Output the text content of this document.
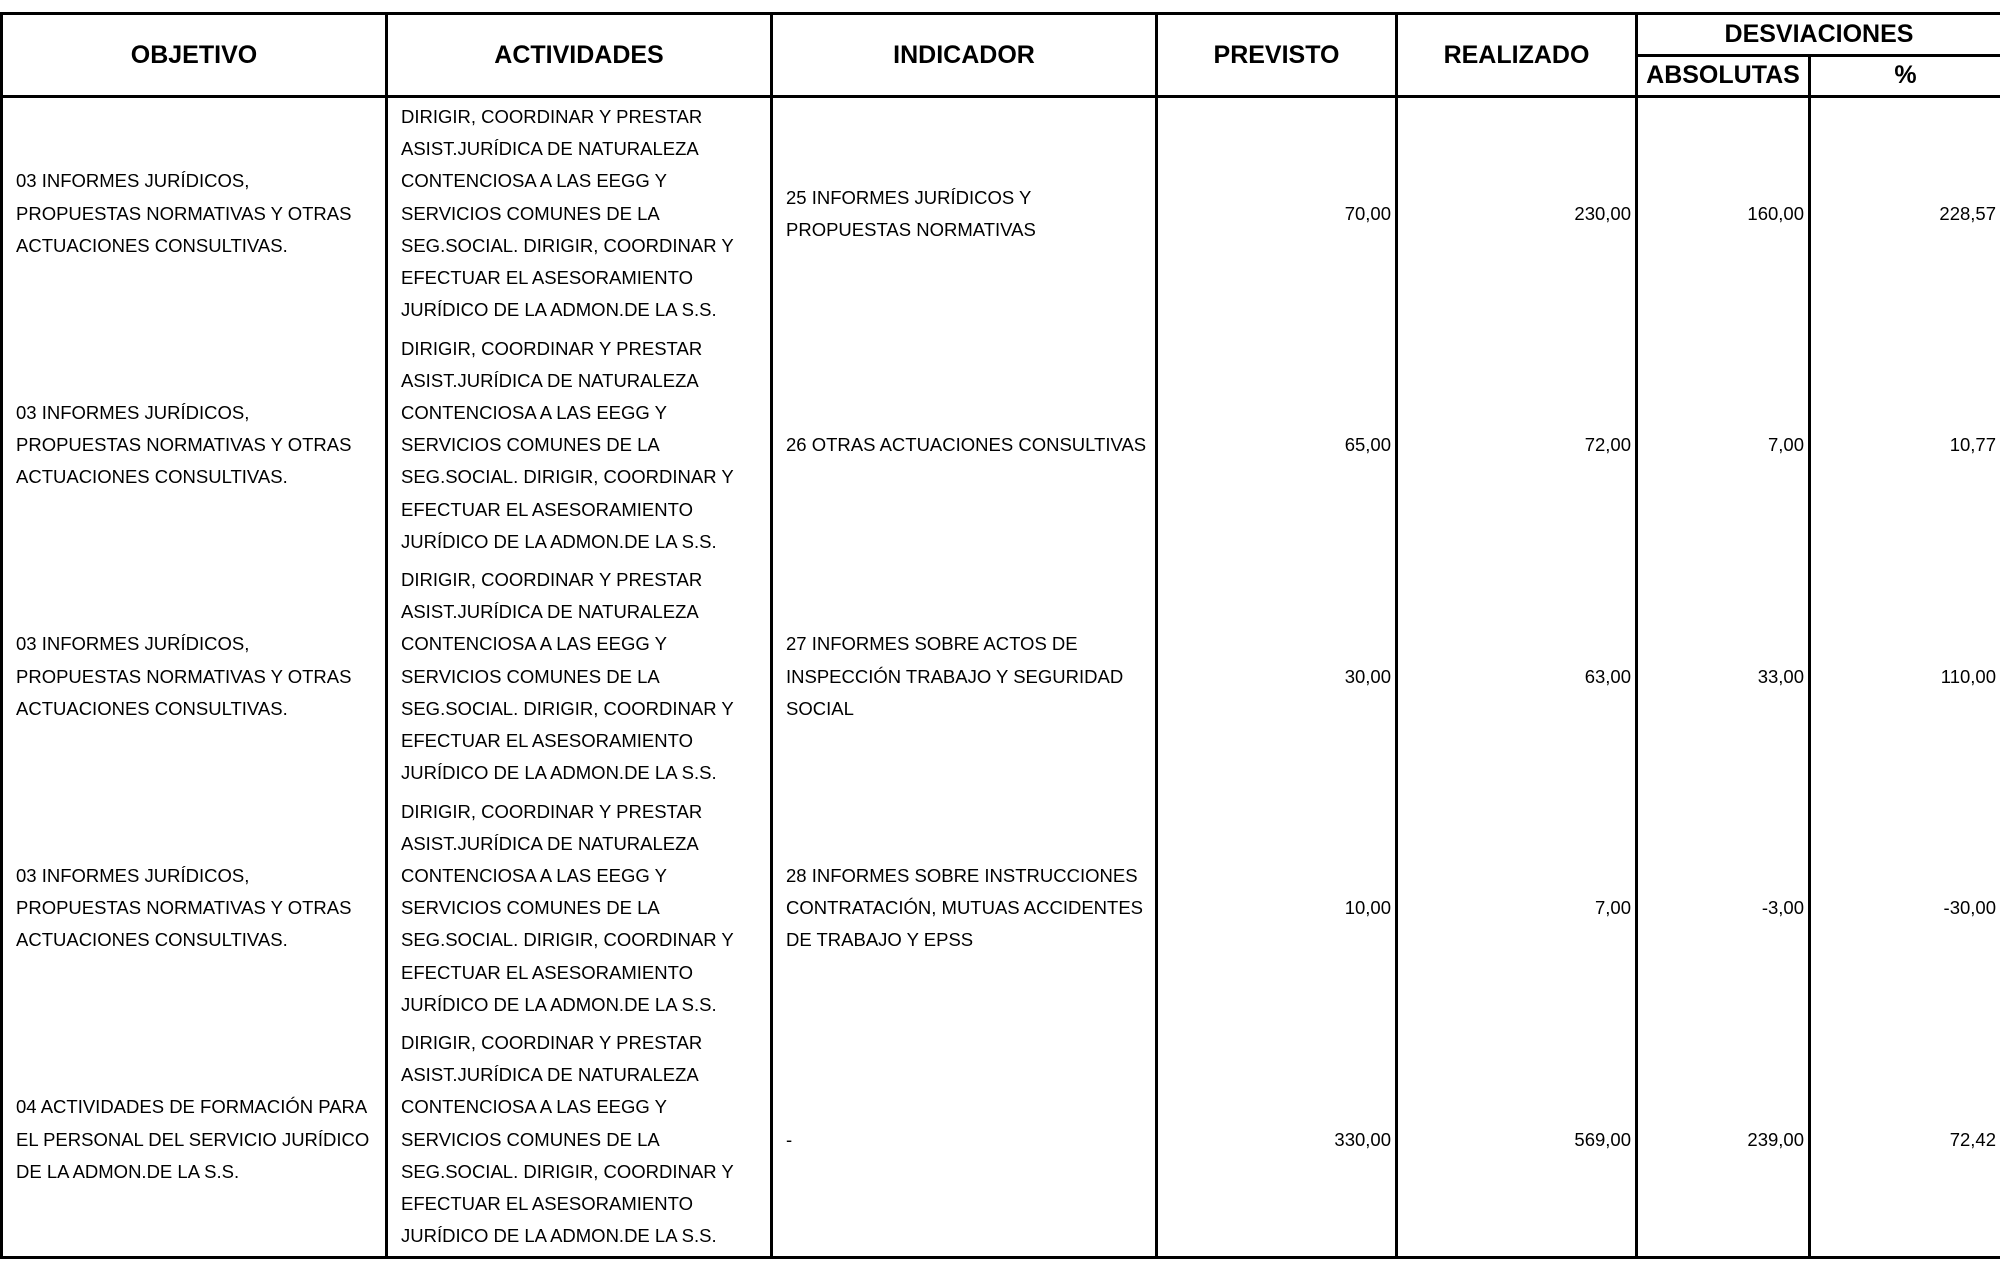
OBJETIVO	ACTIVIDADES	INDICADOR	PREVISTO	REALIZADO	DESVIACIONES	
					ABSOLUTAS	%
03 INFORMES JURÍDICOS, PROPUESTAS NORMATIVAS Y OTRAS ACTUACIONES CONSULTIVAS.	DIRIGIR, COORDINAR Y PRESTAR ASIST.JURÍDICA DE NATURALEZA CONTENCIOSA A LAS EEGG Y SERVICIOS COMUNES DE LA SEG.SOCIAL. DIRIGIR, COORDINAR Y EFECTUAR EL ASESORAMIENTO JURÍDICO DE LA ADMON.DE LA S.S.	25 INFORMES JURÍDICOS Y PROPUESTAS NORMATIVAS	70,00	230,00	160,00	228,57
03 INFORMES JURÍDICOS, PROPUESTAS NORMATIVAS Y OTRAS ACTUACIONES CONSULTIVAS.	DIRIGIR, COORDINAR Y PRESTAR ASIST.JURÍDICA DE NATURALEZA CONTENCIOSA A LAS EEGG Y SERVICIOS COMUNES DE LA SEG.SOCIAL. DIRIGIR, COORDINAR Y EFECTUAR EL ASESORAMIENTO JURÍDICO DE LA ADMON.DE LA S.S.	26 OTRAS ACTUACIONES CONSULTIVAS	65,00	72,00	7,00	10,77
03 INFORMES JURÍDICOS, PROPUESTAS NORMATIVAS Y OTRAS ACTUACIONES CONSULTIVAS.	DIRIGIR, COORDINAR Y PRESTAR ASIST.JURÍDICA DE NATURALEZA CONTENCIOSA A LAS EEGG Y SERVICIOS COMUNES DE LA SEG.SOCIAL. DIRIGIR, COORDINAR Y EFECTUAR EL ASESORAMIENTO JURÍDICO DE LA ADMON.DE LA S.S.	27 INFORMES SOBRE ACTOS DE INSPECCIÓN TRABAJO Y SEGURIDAD SOCIAL	30,00	63,00	33,00	110,00
03 INFORMES JURÍDICOS, PROPUESTAS NORMATIVAS Y OTRAS ACTUACIONES CONSULTIVAS.	DIRIGIR, COORDINAR Y PRESTAR ASIST.JURÍDICA DE NATURALEZA CONTENCIOSA A LAS EEGG Y SERVICIOS COMUNES DE LA SEG.SOCIAL. DIRIGIR, COORDINAR Y EFECTUAR EL ASESORAMIENTO JURÍDICO DE LA ADMON.DE LA S.S.	28 INFORMES SOBRE INSTRUCCIONES CONTRATACIÓN, MUTUAS ACCIDENTES DE TRABAJO Y EPSS	10,00	7,00	-3,00	-30,00
04 ACTIVIDADES DE FORMACIÓN PARA EL PERSONAL DEL SERVICIO JURÍDICO DE LA ADMON.DE LA S.S.	DIRIGIR, COORDINAR Y PRESTAR ASIST.JURÍDICA DE NATURALEZA CONTENCIOSA A LAS EEGG Y SERVICIOS COMUNES DE LA SEG.SOCIAL. DIRIGIR, COORDINAR Y EFECTUAR EL ASESORAMIENTO JURÍDICO DE LA ADMON.DE LA S.S.	-	330,00	569,00	239,00	72,42
